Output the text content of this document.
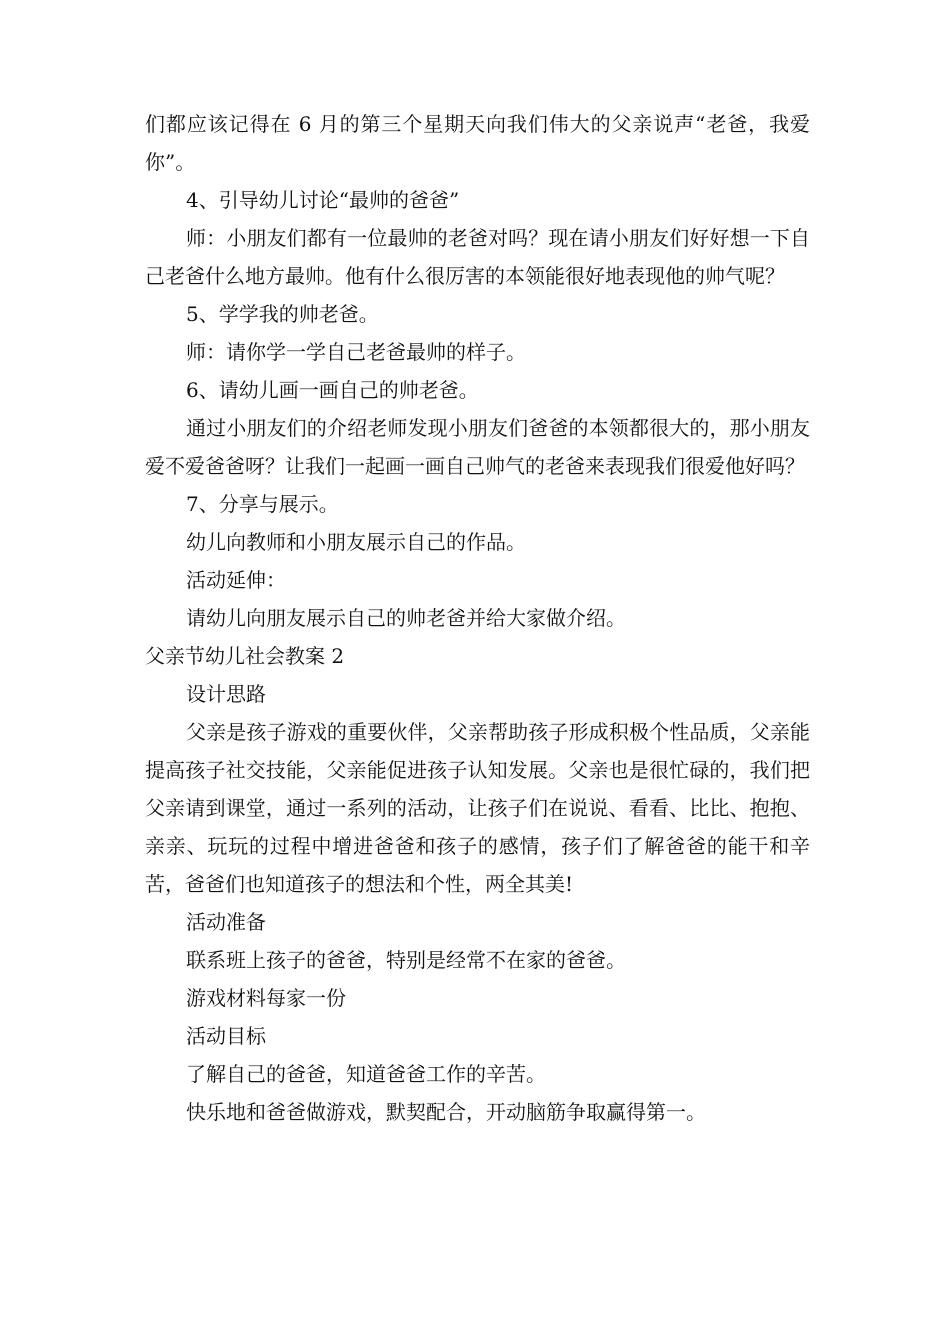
们都应该记得在 6 月的第三个星期天向我们伟大的父亲说声“老爸，我爱你”。

4、引导幼儿讨论“最帅的爸爸”

师：小朋友们都有一位最帅的老爸对吗？现在请小朋友们好好想一下自己老爸什么地方最帅。他有什么很厉害的本领能很好地表现他的帅气呢？

5、学学我的帅老爸。

师：请你学一学自己老爸最帅的样子。

6、请幼儿画一画自己的帅老爸。

通过小朋友们的介绍老师发现小朋友们爸爸的本领都很大的，那小朋友爱不爱爸爸呀？让我们一起画一画自己帅气的老爸来表现我们很爱他好吗？

7、分享与展示。

幼儿向教师和小朋友展示自己的作品。

活动延伸：

请幼儿向朋友展示自己的帅老爸并给大家做介绍。

父亲节幼儿社会教案 2

设计思路

父亲是孩子游戏的重要伙伴，父亲帮助孩子形成积极个性品质，父亲能提高孩子社交技能，父亲能促进孩子认知发展。父亲也是很忙碌的，我们把父亲请到课堂，通过一系列的活动，让孩子们在说说、看看、比比、抱抱、亲亲、玩玩的过程中增进爸爸和孩子的感情，孩子们了解爸爸的能干和辛苦，爸爸们也知道孩子的想法和个性，两全其美!

活动准备

联系班上孩子的爸爸，特别是经常不在家的爸爸。

游戏材料每家一份

活动目标

了解自己的爸爸，知道爸爸工作的辛苦。

快乐地和爸爸做游戏，默契配合，开动脑筋争取赢得第一。
